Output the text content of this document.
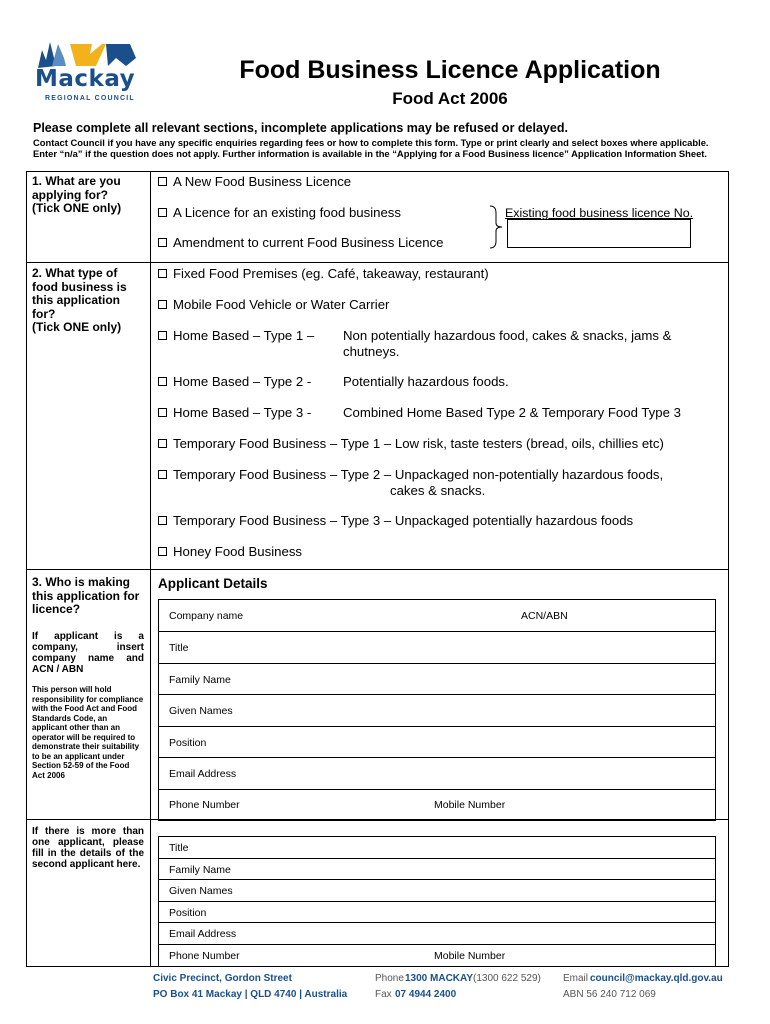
Mackay
REGIONAL COUNCIL
Food Business Licence Application
Food Act 2006
Please complete all relevant sections, incomplete applications may be refused or delayed.
Contact Council if you have any specific enquiries regarding fees or how to complete this form. Type or print clearly and select boxes where applicable. Enter “n/a” if the question does not apply. Further information is available in the “Applying for a Food Business licence” Application Information Sheet.
1. What are you applying for?
(Tick ONE only)
A New Food Business Licence
A Licence for an existing food business
Amendment to current Food Business Licence
Existing food business licence No.
2. What type of food business is this application for?
(Tick ONE only)
Fixed Food Premises (eg. Café, takeaway, restaurant)
Mobile Food Vehicle or Water Carrier
Home Based – Type 1 – Non potentially hazardous food, cakes & snacks, jams &
chutneys.
Home Based – Type 2 - Potentially hazardous foods.
Home Based – Type 3 - Combined Home Based Type 2 & Temporary Food Type 3
Temporary Food Business – Type 1 – Low risk, taste testers (bread, oils, chillies etc)
Temporary Food Business – Type 2 – Unpackaged non-potentially hazardous foods,
cakes & snacks.
Temporary Food Business – Type 3 – Unpackaged potentially hazardous foods
Honey Food Business
3. Who is making this application for licence?
If applicant is a company, insert company name and ACN / ABN
This person will hold responsibility for compliance with the Food Act and Food Standards Code, an applicant other than an operator will be required to demonstrate their suitability to be an applicant under Section 52-59 of the Food Act 2006
If there is more than one applicant, please fill in the details of the second applicant here.
Applicant Details
Company name	ACN/ABN
Title
Family Name
Given Names
Position
Email Address
Phone Number	Mobile Number
Title
Family Name
Given Names
Position
Email Address
Phone Number	Mobile Number
Civic Precinct, Gordon Street
PO Box 41 Mackay | QLD 4740 | Australia
Phone 1300 MACKAY (1300 622 529)
Fax 07 4944 2400
Email council@mackay.qld.gov.au
ABN 56 240 712 069
